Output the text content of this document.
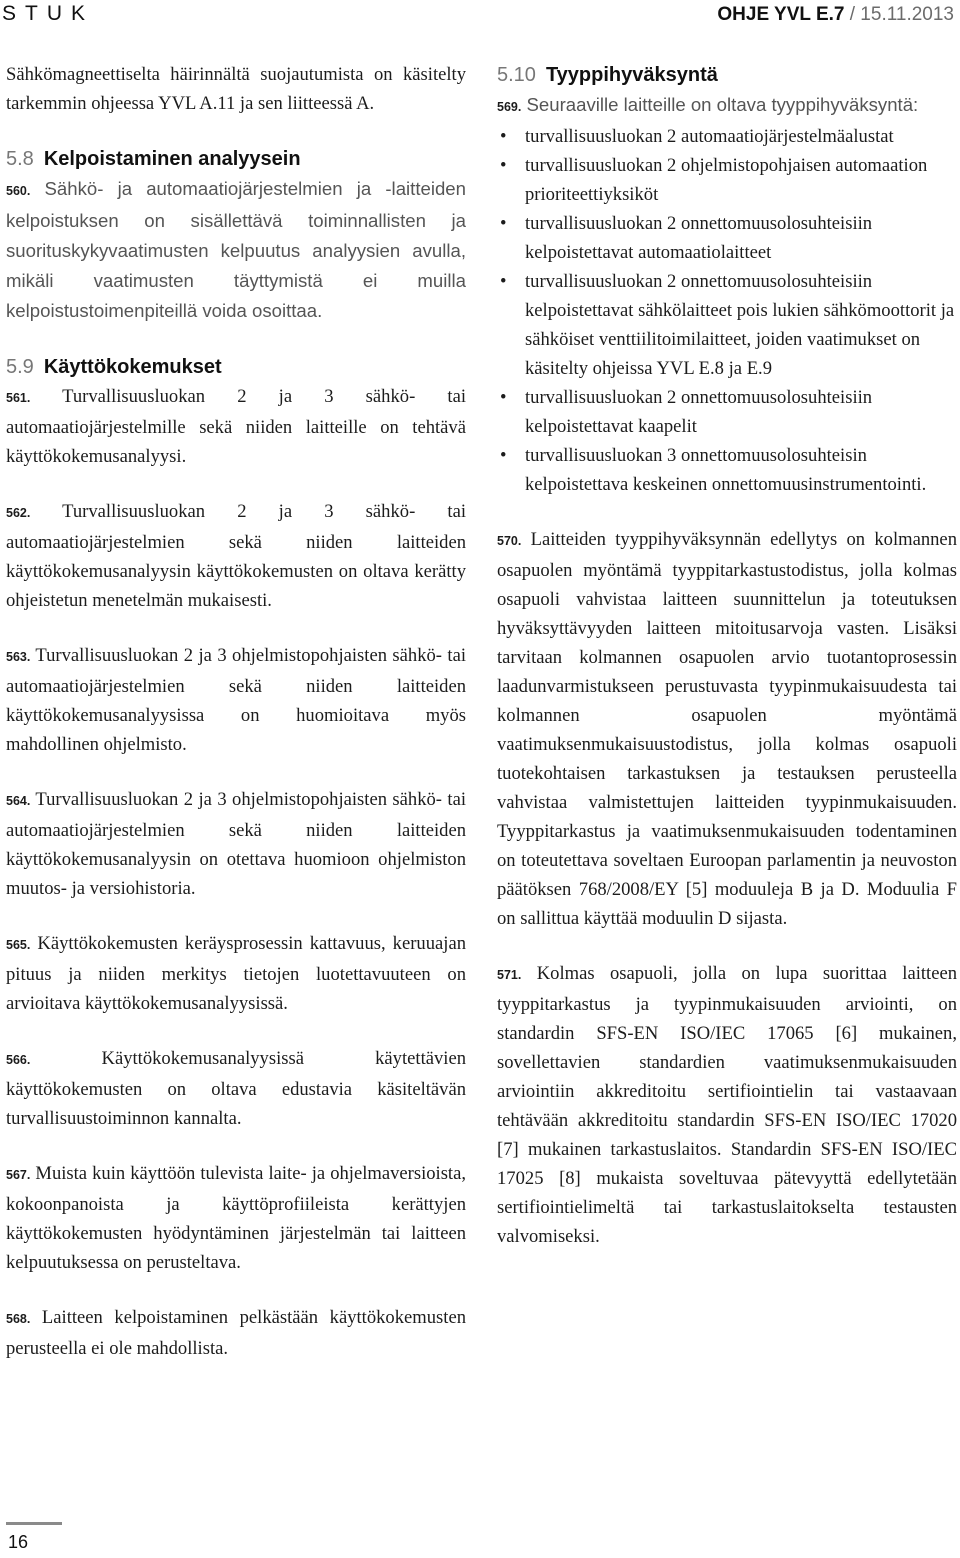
STUK	OHJE YVL E.7 / 15.11.2013

Sähkömagneettiselta häirinnältä suojautumista on käsitelty tarkemmin ohjeessa YVL A.11 ja sen liitteessä A.

5.8 Kelpoistaminen analyysein

560. Sähkö- ja automaatiojärjestelmien ja -laitteiden kelpoistuksen on sisällettävä toiminnallisten ja suorituskykyvaatimusten kelpuutus analyysien avulla, mikäli vaatimusten täyttymistä ei muilla kelpoistustoimenpiteillä voida osoittaa.

5.9 Käyttökokemukset

561. Turvallisuusluokan 2 ja 3 sähkö- tai automaatiojärjestelmille sekä niiden laitteille on tehtävä käyttökokemusanalyysi.

562. Turvallisuusluokan 2 ja 3 sähkö- tai automaatiojärjestelmien sekä niiden laitteiden käyttökokemusanalyysin käyttökokemusten on oltava kerätty ohjeistetun menetelmän mukaisesti.

563. Turvallisuusluokan 2 ja 3 ohjelmistopohjaisten sähkö- tai automaatiojärjestelmien sekä niiden laitteiden käyttökokemusanalyysissa on huomioitava myös mahdollinen ohjelmisto.

564. Turvallisuusluokan 2 ja 3 ohjelmistopohjaisten sähkö- tai automaatiojärjestelmien sekä niiden laitteiden käyttökokemusanalyysin on otettava huomioon ohjelmiston muutos- ja versiohistoria.

565. Käyttökokemusten keräysprosessin kattavuus, keruuajan pituus ja niiden merkitys tietojen luotettavuuteen on arvioitava käyttökokemusanalyysissä.

566. Käyttökokemusanalyysissä käytettävien käyttökokemusten on oltava edustavia käsiteltävän turvallisuustoiminnon kannalta.

567. Muista kuin käyttöön tulevista laite- ja ohjelmaversioista, kokoonpanoista ja käyttöprofiileista kerättyjen käyttökokemusten hyödyntäminen järjestelmän tai laitteen kelpuutuksessa on perusteltava.

568. Laitteen kelpoistaminen pelkästään käyttökokemusten perusteella ei ole mahdollista.

5.10 Tyyppihyväksyntä

569. Seuraaville laitteille on oltava tyyppihyväksyntä:

• turvallisuusluokan 2 automaatiojärjestelmäalustat
• turvallisuusluokan 2 ohjelmistopohjaisen automaation prioriteettiyksiköt
• turvallisuusluokan 2 onnettomuusolosuhteisiin kelpoistettavat automaatiolaitteet
• turvallisuusluokan 2 onnettomuusolosuhteisiin kelpoistettavat sähkölaitteet pois lukien sähkömoottorit ja sähköiset venttiilitoimilaitteet, joiden vaatimukset on käsitelty ohjeissa YVL E.8 ja E.9
• turvallisuusluokan 2 onnettomuusolosuhteisiin kelpoistettavat kaapelit
• turvallisuusluokan 3 onnettomuusolosuhteisin kelpoistettava keskeinen onnettomuusinstrumentointi.

570. Laitteiden tyyppihyväksynnän edellytys on kolmannen osapuolen myöntämä tyyppitarkastustodistus, jolla kolmas osapuoli vahvistaa laitteen suunnittelun ja toteutuksen hyväksyttävyyden laitteen mitoitusarvoja vasten. Lisäksi tarvitaan kolmannen osapuolen arvio tuotantoprosessin laadunvarmistukseen perustuvasta tyypinmukaisuudesta tai kolmannen osapuolen myöntämä vaatimuksenmukaisuustodistus, jolla kolmas osapuoli tuotekohtaisen tarkastuksen ja testauksen perusteella vahvistaa valmistettujen laitteiden tyypinmukaisuuden. Tyyppitarkastus ja vaatimuksenmukaisuuden todentaminen on toteutettava soveltaen Euroopan parlamentin ja neuvoston päätöksen 768/2008/EY [5] moduuleja B ja D. Moduulia F on sallittua käyttää moduulin D sijasta.

571. Kolmas osapuoli, jolla on lupa suorittaa laitteen tyyppitarkastus ja tyypinmukaisuuden arviointi, on standardin SFS-EN ISO/IEC 17065 [6] mukainen, sovellettavien standardien vaatimuksenmukaisuuden arviointiin akkreditoitu sertifiointielin tai vastaavaan tehtävään akkreditoitu standardin SFS-EN ISO/IEC 17020 [7] mukainen tarkastuslaitos. Standardin SFS-EN ISO/IEC 17025 [8] mukaista soveltuvaa pätevyyttä edellytetään sertifiointielimeltä tai tarkastuslaitokselta testausten valvomiseksi.

16
